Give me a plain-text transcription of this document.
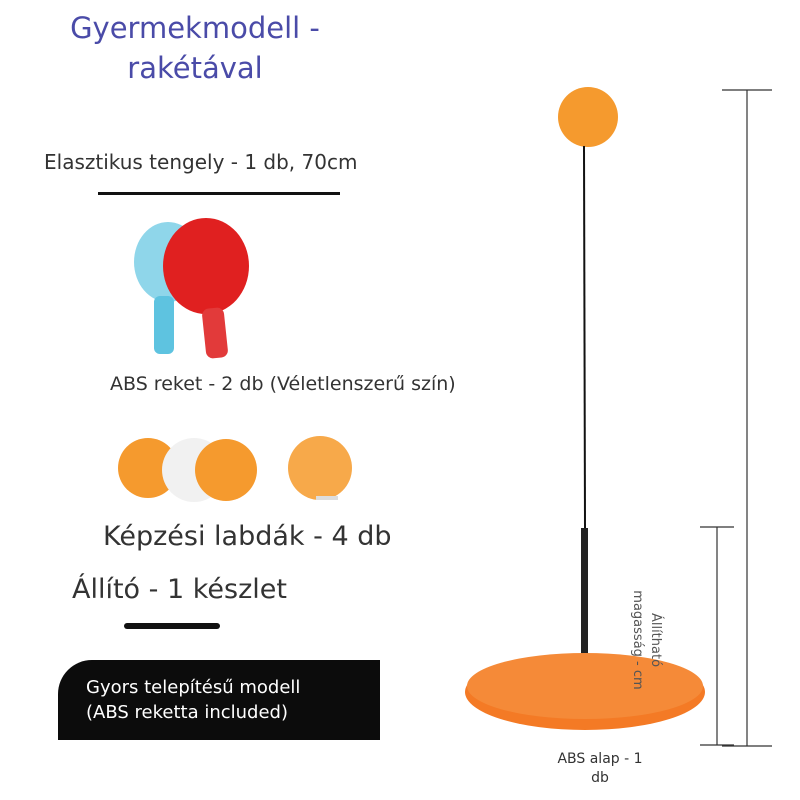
Gyermekmodell -
rakétával
Elasztikus tengely - 1 db, 70cm
ABS reket - 2 db (Véletlenszerű szín)
Képzési labdák - 4 db
Állító - 1 készlet
Gyors telepítésű modell
(ABS reketta included)
ABS alap - 1
db
Állítható
magasság - cm
